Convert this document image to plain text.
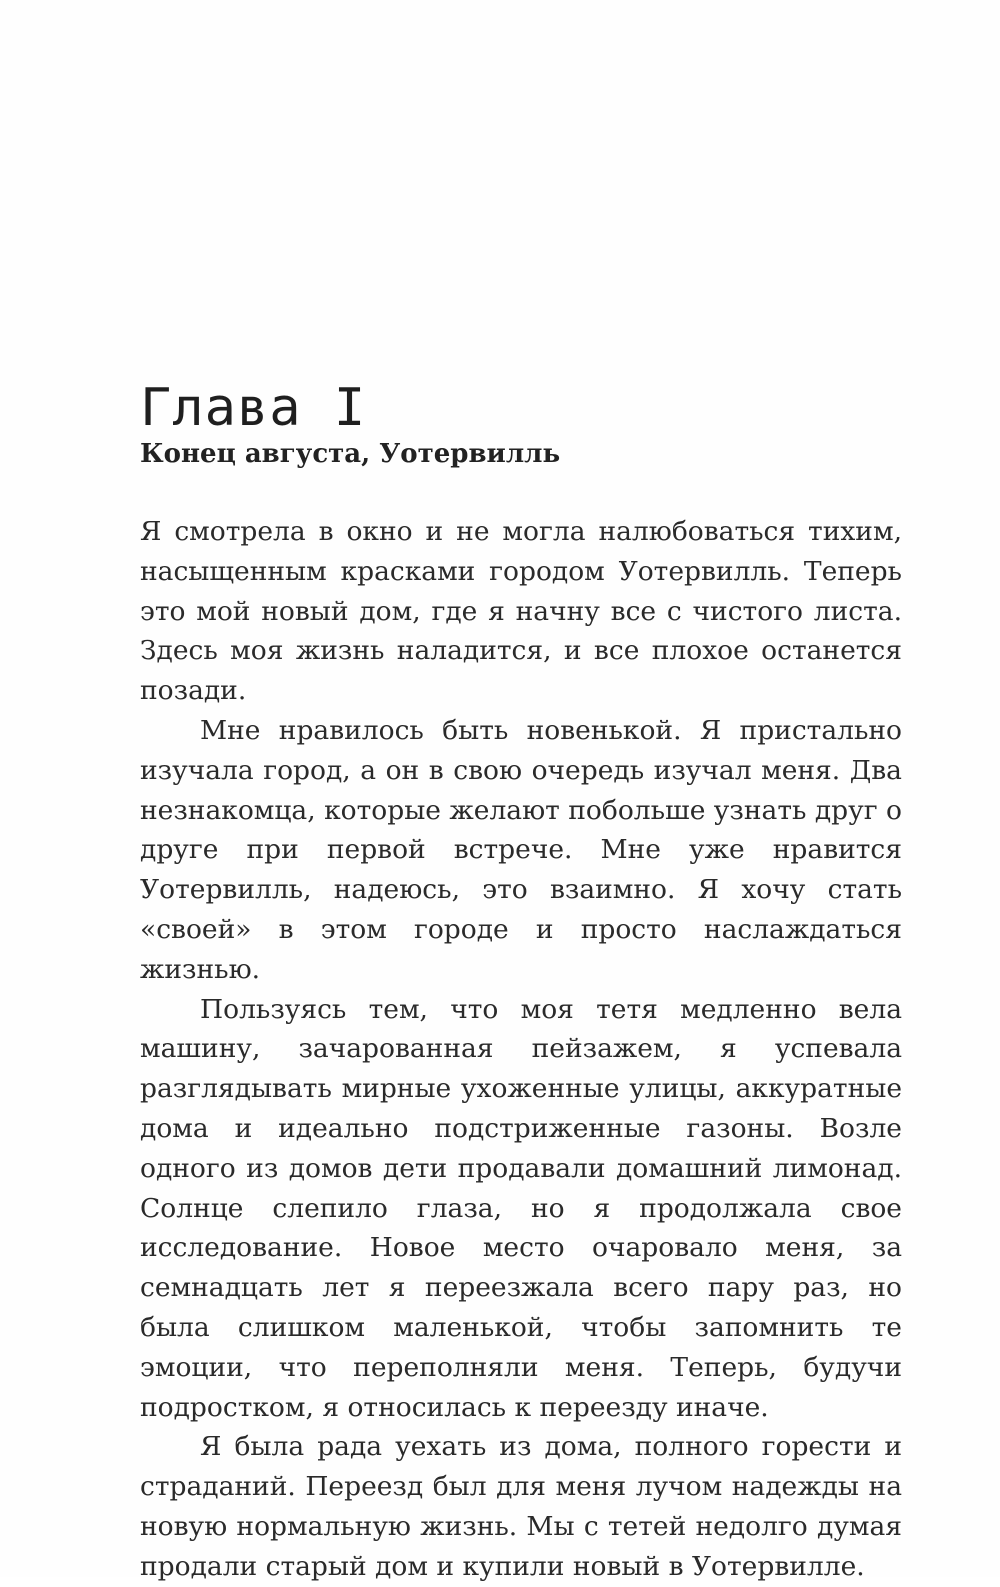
Глава I
Конец августа, Уотервилль

Я смотрела в окно и не могла налюбоваться тихим, насыщенным красками городом Уотервилль. Теперь это мой новый дом, где я начну все с чистого листа. Здесь моя жизнь наладится, и все плохое останется позади.

Мне нравилось быть новенькой. Я пристально изучала город, а он в свою очередь изучал меня. Два незнакомца, которые желают побольше узнать друг о друге при первой встрече. Мне уже нравится Уотервилль, надеюсь, это взаимно. Я хочу стать «своей» в этом городе и просто наслаждаться жизнью.

Пользуясь тем, что моя тетя медленно вела машину, зачарованная пейзажем, я успевала разглядывать мирные ухоженные улицы, аккуратные дома и идеально подстриженные газоны. Возле одного из домов дети продавали домашний лимонад. Солнце слепило глаза, но я продолжала свое исследование. Новое место очаровало меня, за семнадцать лет я переезжала всего пару раз, но была слишком маленькой, чтобы запомнить те эмоции, что переполняли меня. Теперь, будучи подростком, я относилась к переезду иначе.

Я была рада уехать из дома, полного горести и страданий. Переезд был для меня лучом надежды на новую нормальную жизнь. Мы с тетей недолго думая продали старый дом и купили новый в Уотервилле.
